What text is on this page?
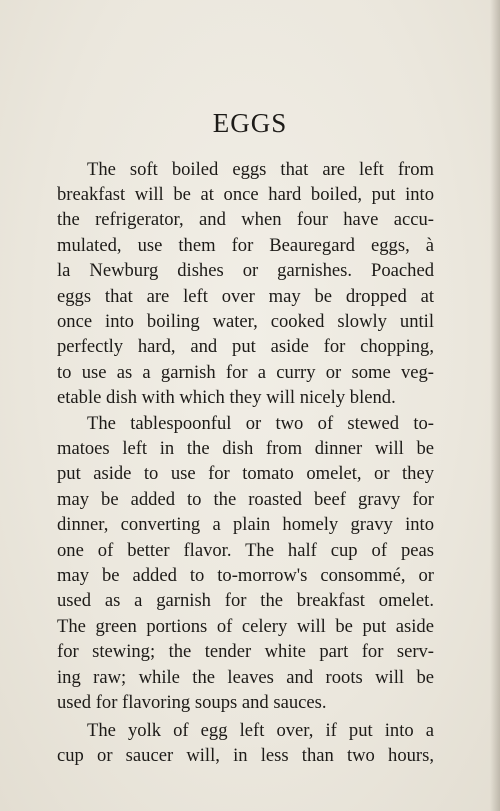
EGGS
The soft boiled eggs that are left from
breakfast will be at once hard boiled, put into
the refrigerator, and when four have accu-
mulated, use them for Beauregard eggs, à
la Newburg dishes or garnishes. Poached
eggs that are left over may be dropped at
once into boiling water, cooked slowly until
perfectly hard, and put aside for chopping,
to use as a garnish for a curry or some veg-
etable dish with which they will nicely blend.
The tablespoonful or two of stewed to-
matoes left in the dish from dinner will be
put aside to use for tomato omelet, or they
may be added to the roasted beef gravy for
dinner, converting a plain homely gravy into
one of better flavor. The half cup of peas
may be added to to-morrow's consommé, or
used as a garnish for the breakfast omelet.
The green portions of celery will be put aside
for stewing; the tender white part for serv-
ing raw; while the leaves and roots will be
used for flavoring soups and sauces.
The yolk of egg left over, if put into a
cup or saucer will, in less than two hours,
